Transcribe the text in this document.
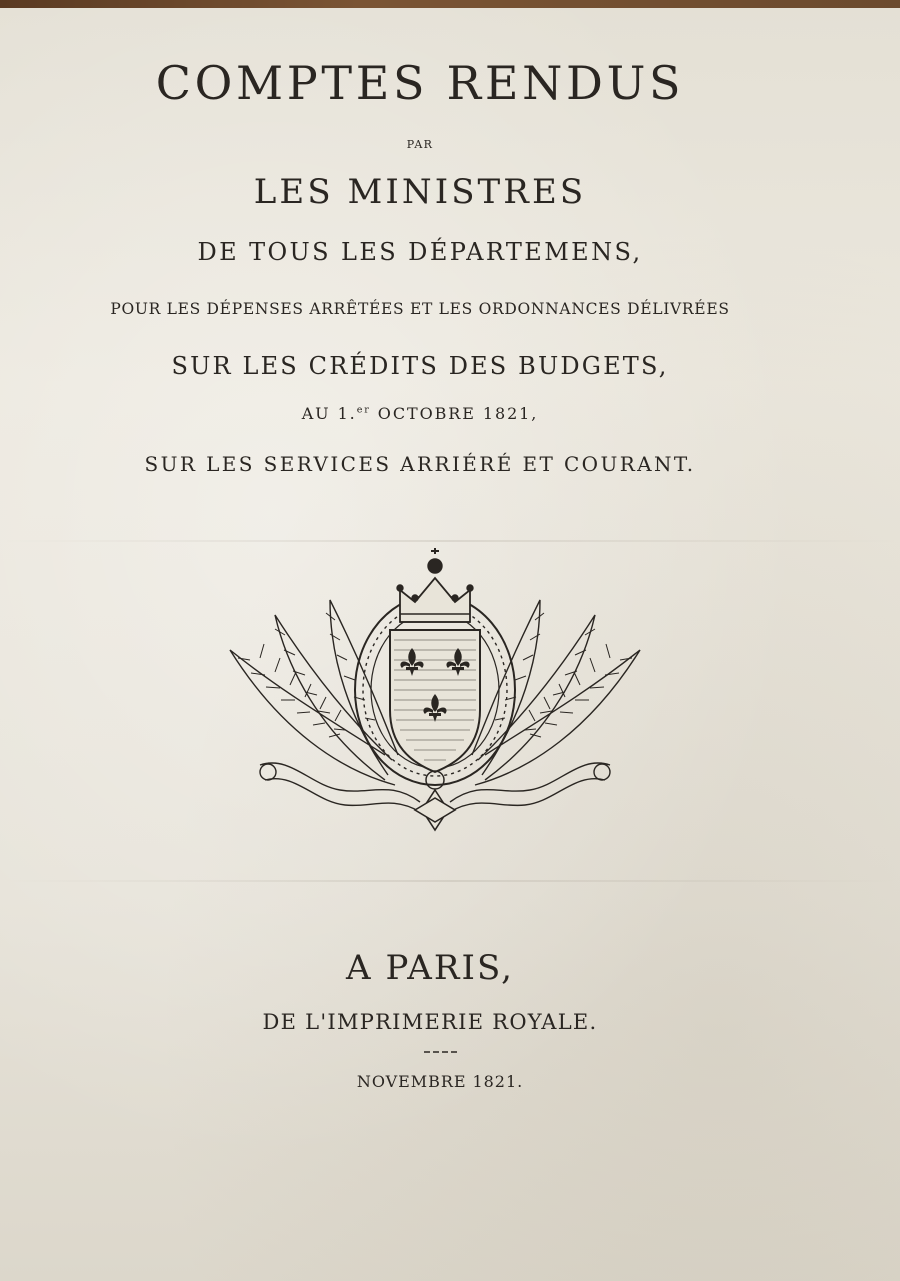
COMPTES RENDUS
PAR
LES MINISTRES
DE TOUS LES DÉPARTEMENS,
POUR LES DÉPENSES ARRÊTÉES ET LES ORDONNANCES DÉLIVRÉES
SUR LES CRÉDITS DES BUDGETS,
AU 1.$^{er}$ OCTOBRE 1821,
SUR LES SERVICES ARRIÉRÉ ET COURANT.
A PARIS,
DE L'IMPRIMERIE ROYALE.
NOVEMBRE 1821.
